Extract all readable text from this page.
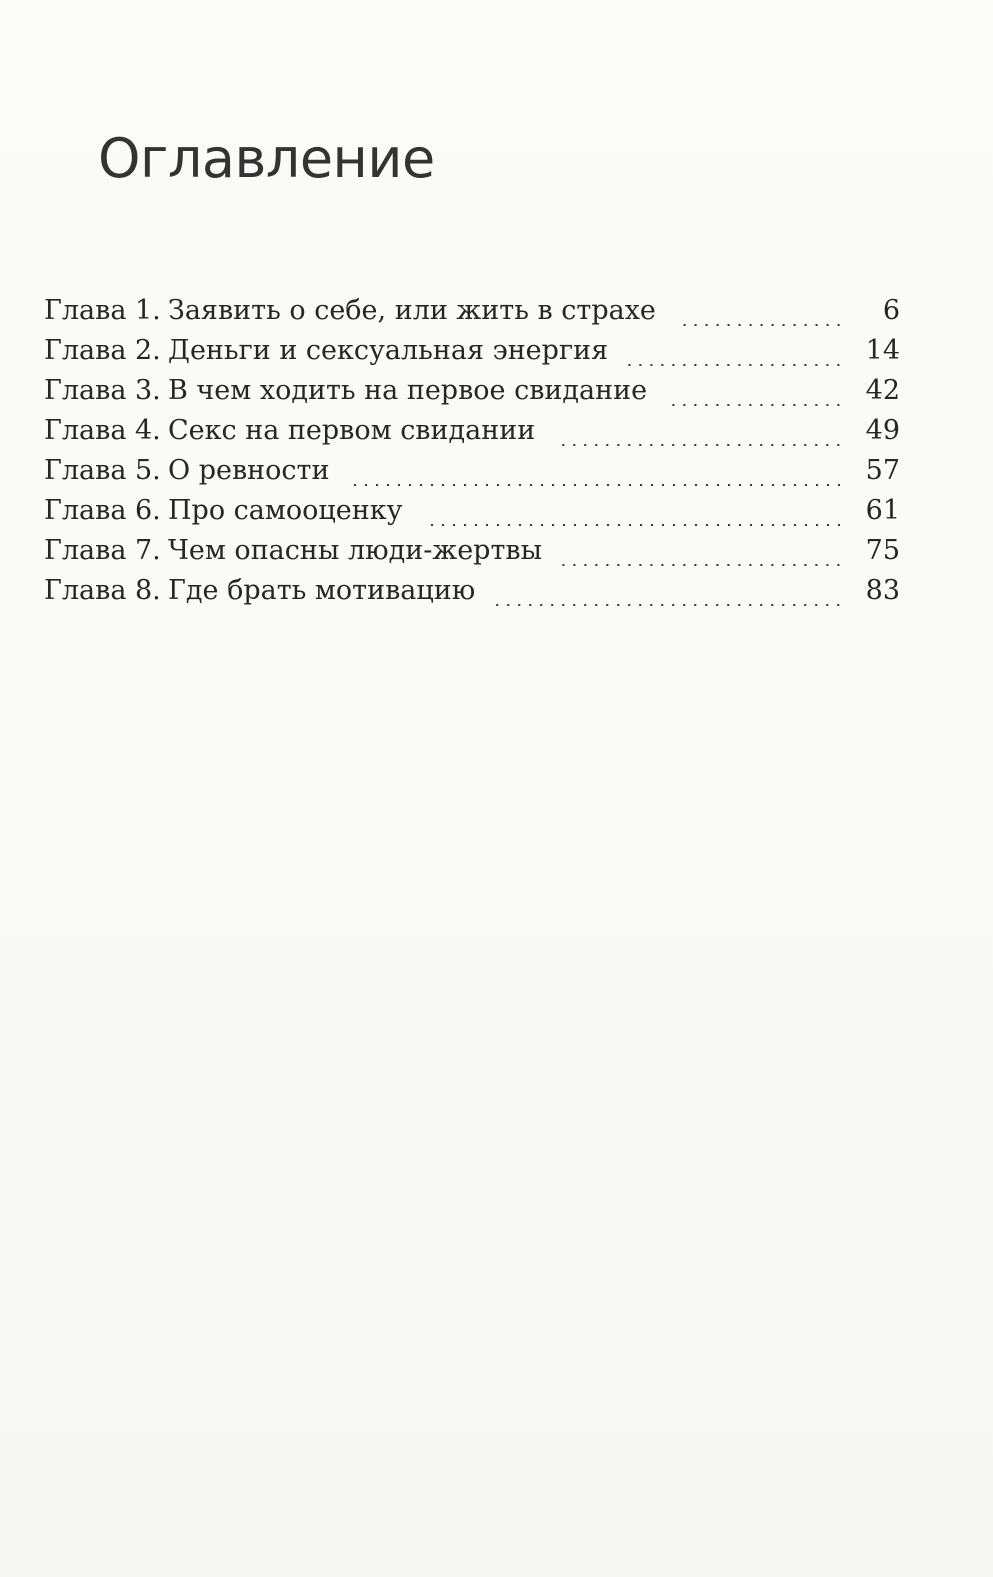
Оглавление
Глава 1. Заявить о себе, или жить в страхе	6
Глава 2. Деньги и сексуальная энергия	14
Глава 3. В чем ходить на первое свидание	42
Глава 4. Секс на первом свидании	49
Глава 5. О ревности	57
Глава 6. Про самооценку	61
Глава 7. Чем опасны люди-жертвы	75
Глава 8. Где брать мотивацию	83
